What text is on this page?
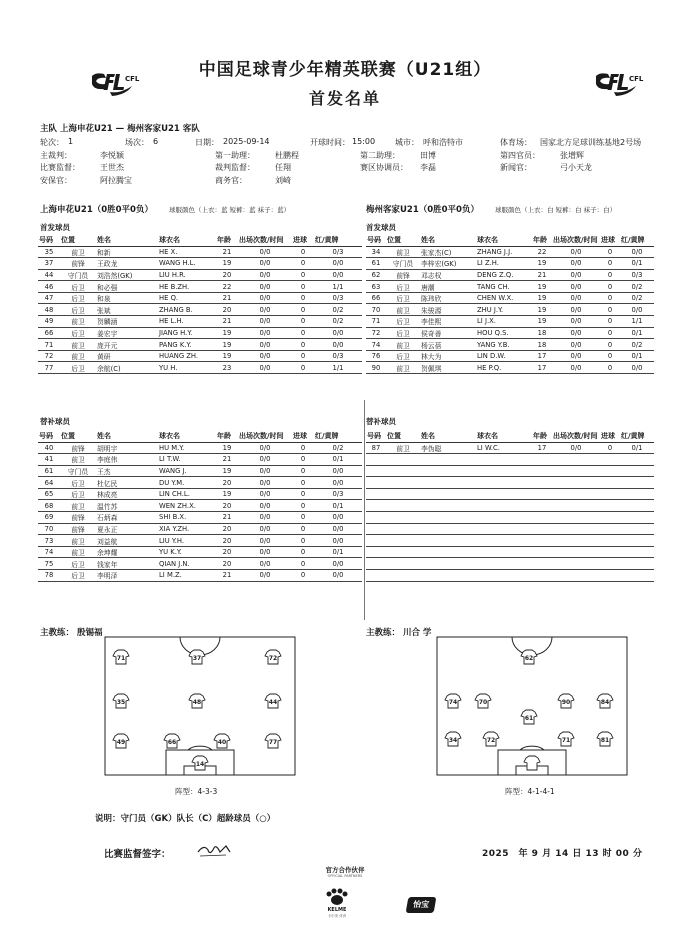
CFL	CFL
中国足球青少年精英联赛（U21组）
首发名单
主队 上海申花U21 — 梅州客家U21 客队
轮次： 1	场次： 6	日期： 2025-09-14	开球时间： 15:00 城市： 呼和浩特市	体育场： 国家北方足球训练基地2号场
主裁判：	李悦颖	第一助理：	杜鹏程	第二助理：	田博	第四官员：	张增辉
比赛监督：	王世杰	裁判监督：	任翔	赛区协调员： 李磊	新闻官：	弓小天龙
安保官：	阿拉腾宝	商务官：	刘崎
上海申花U21（0胜0平0负） 球服颜色（上衣：蓝 短裤：蓝 袜子：蓝）	梅州客家U21（0胜0平0负） 球服颜色（上衣：白 短裤：白 袜子：白）
首发球员	首发球员
号码	位置	姓名	球衣名	年龄	出场次数/时间	进球	红/黄牌
35	前卫	和新	HE X.	21	0/0	0	0/3
37	前锋	王政龙	WANG H.L.	19	0/0	0	0/0
44	守门员	刘浩然(GK)	LIU H.R.	20	0/0	0	0/0
46	后卫	和必强	HE B.ZH.	22	0/0	0	1/1
47	后卫	和泉	HE Q.	21	0/0	0	0/3
48	后卫	张斌	ZHANG B.	20	0/0	0	0/2
49	前卫	贺麟涵	HE L.H.	21	0/0	0	0/2
66	后卫	姜宏宇	JIANG H.Y.	19	0/0	0	0/0
71	前卫	庞开元	PANG K.Y.	19	0/0	0	0/0
72	前卫	黄研	HUANG ZH.	19	0/0	0	0/3
77	后卫	余航(C)	YU H.	23	0/0	0	1/1
号码	位置	姓名	球衣名	年龄	出场次数/时间	进球	红/黄牌
34	前卫	张家杰(C)	ZHANG J.J.	22	0/0	0	0/0
61	守门员	李梓宏(GK)	LI Z.H.	19	0/0	0	0/1
62	前锋	邓志权	DENG Z.Q.	21	0/0	0	0/3
63	后卫	唐潮	TANG CH.	19	0/0	0	0/2
66	后卫	陈玮欣	CHEN W.X.	19	0/0	0	0/2
70	前卫	朱骏源	ZHU J.Y.	19	0/0	0	0/0
71	后卫	李佳熙	LI J.X.	19	0/0	0	1/1
72	后卫	侯奇善	HOU Q.S.	18	0/0	0	0/1
74	前卫	杨云蓓	YANG Y.B.	18	0/0	0	0/2
76	后卫	林大为	LIN D.W.	17	0/0	0	0/1
90	前卫	贺佩琪	HE P.Q.	17	0/0	0	0/0
替补球员	替补球员
号码	位置	姓名	球衣名	年龄	出场次数/时间	进球	红/黄牌
40	前锋	胡明宇	HU M.Y.	19	0/0	0	0/2
41	前卫	李庭伟	LI T.W.	21	0/0	0	0/1
61	守门员	王杰	WANG J.	19	0/0	0	0/0
64	后卫	杜亿民	DU Y.M.	20	0/0	0	0/0
65	后卫	林成亮	LIN CH.L.	19	0/0	0	0/3
68	前卫	温竹苏	WEN ZH.X.	20	0/0	0	0/1
69	前锋	石炳森	SHI B.X.	21	0/0	0	0/0
70	前锋	夏永正	XIA Y.ZH.	20	0/0	0	0/0
73	前卫	刘益航	LIU Y.H.	20	0/0	0	0/0
74	前卫	余坤耀	YU K.Y.	20	0/0	0	0/1
75	后卫	钱家年	QIAN J.N.	20	0/0	0	0/0
78	后卫	李明泽	LI M.Z.	21	0/0	0	0/0
号码	位置	姓名	球衣名	年龄	出场次数/时间	进球	红/黄牌
87	前卫	李伪聪	LI W.C.	17	0/0	0	0/1

主教练： 殷锡福	主教练： 川合 学
71	37	72
35	48	44
49	66	40	77
14
阵型：4-3-3
62
74	70	90	84
61
34	72	71	81
阵型：4-1-4-1
说明：守门员（GK）队长（C）超龄球员（○）
比赛监督签字：	2025　年 9 月 14 日 13 时 00 分
官方合作伙伴
OFFICIAL PARTNERS
KELME
卡尔美 体育
怡宝
